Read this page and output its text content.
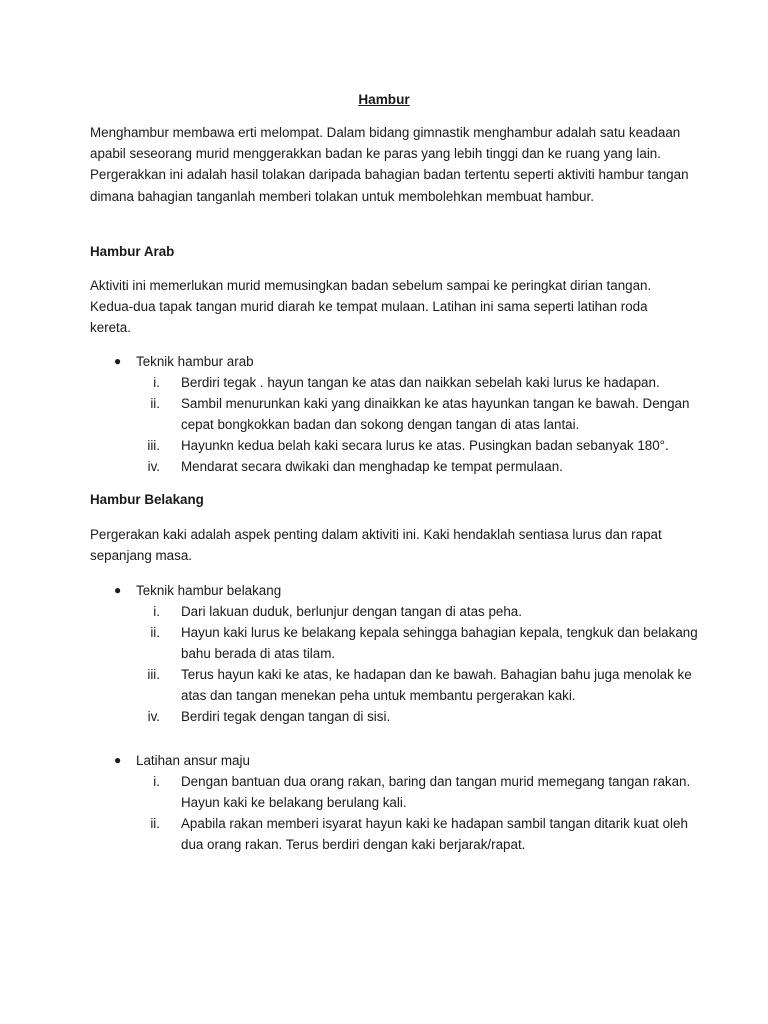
Hambur

Menghambur membawa erti melompat. Dalam bidang gimnastik menghambur adalah satu keadaan apabil seseorang murid menggerakkan badan ke paras yang lebih tinggi dan ke ruang yang lain. Pergerakkan ini adalah hasil tolakan daripada bahagian badan tertentu seperti aktiviti hambur tangan dimana bahagian tanganlah memberi tolakan untuk membolehkan membuat hambur.

Hambur Arab

Aktiviti ini memerlukan murid memusingkan badan sebelum sampai ke peringkat dirian tangan. Kedua-dua tapak tangan murid diarah ke tempat mulaan. Latihan ini sama seperti latihan roda kereta.

●	Teknik hambur arab
i. Berdiri tegak . hayun tangan ke atas dan naikkan sebelah kaki lurus ke hadapan.
ii. Sambil menurunkan kaki yang dinaikkan ke atas hayunkan tangan ke bawah. Dengan cepat bongkokkan badan dan sokong dengan tangan di atas lantai.
iii. Hayunkn kedua belah kaki secara lurus ke atas. Pusingkan badan sebanyak 180°.
iv. Mendarat secara dwikaki dan menghadap ke tempat permulaan.
Hambur Belakang

Pergerakan kaki adalah aspek penting dalam aktiviti ini. Kaki hendaklah sentiasa lurus dan rapat sepanjang masa.

●	Teknik hambur belakang
i. Dari lakuan duduk, berlunjur dengan tangan di atas peha.
ii. Hayun kaki lurus ke belakang kepala sehingga bahagian kepala, tengkuk dan belakang bahu berada di atas tilam.
iii. Terus hayun kaki ke atas, ke hadapan dan ke bawah. Bahagian bahu juga menolak ke atas dan tangan menekan peha untuk membantu pergerakan kaki.
iv. Berdiri tegak dengan tangan di sisi.
●	Latihan ansur maju
i. Dengan bantuan dua orang rakan, baring dan tangan murid memegang tangan rakan. Hayun kaki ke belakang berulang kali.
ii. Apabila rakan memberi isyarat hayun kaki ke hadapan sambil tangan ditarik kuat oleh dua orang rakan. Terus berdiri dengan kaki berjarak/rapat.
